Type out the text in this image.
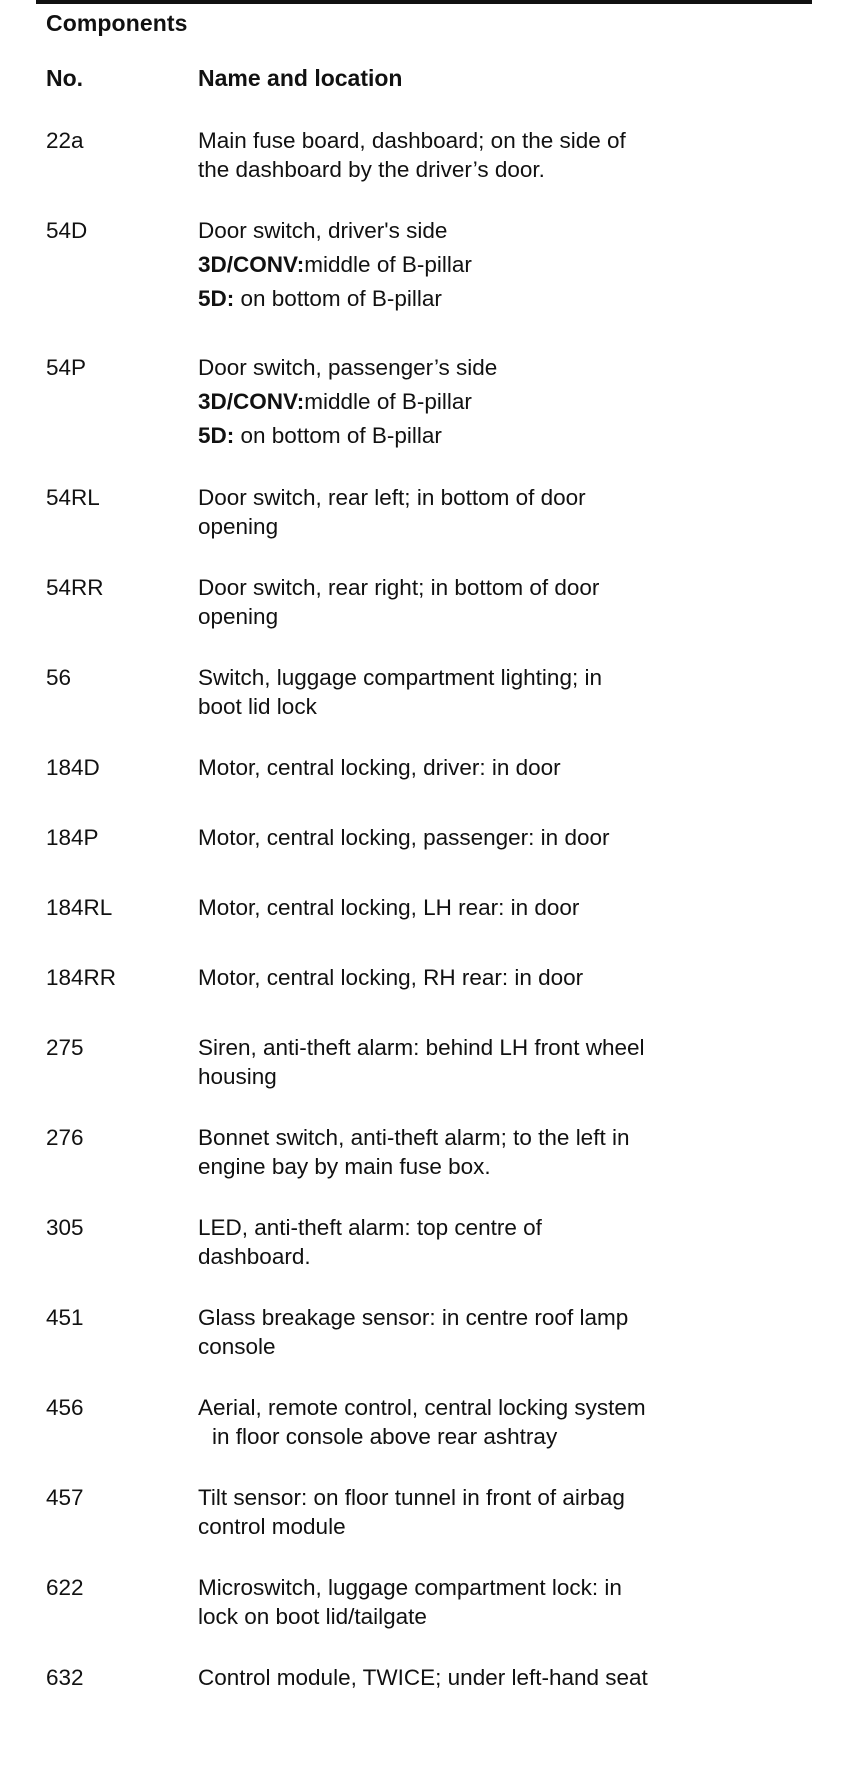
Components
No.	Name and location
22a	Main fuse board, dashboard; on the side of
the dashboard by the driver’s door.
54D	Door switch, driver's side
3D/CONV:middle of B-pillar
5D: on bottom of B-pillar
54P	Door switch, passenger’s side
3D/CONV:middle of B-pillar
5D: on bottom of B-pillar
54RL	Door switch, rear left; in bottom of door
opening
54RR	Door switch, rear right; in bottom of door
opening
56	Switch, luggage compartment lighting; in
boot lid lock
184D	Motor, central locking, driver: in door
184P	Motor, central locking, passenger: in door
184RL	Motor, central locking, LH rear: in door
184RR	Motor, central locking, RH rear: in door
275	Siren, anti-theft alarm: behind LH front wheel
housing
276	Bonnet switch, anti-theft alarm; to the left in
engine bay by main fuse box.
305	LED, anti-theft alarm: top centre of
dashboard.
451	Glass breakage sensor: in centre roof lamp
console
456	Aerial, remote control, central locking system
in floor console above rear ashtray
457	Tilt sensor: on floor tunnel in front of airbag
control module
622	Microswitch, luggage compartment lock: in
lock on boot lid/tailgate
632	Control module, TWICE; under left-hand seat
